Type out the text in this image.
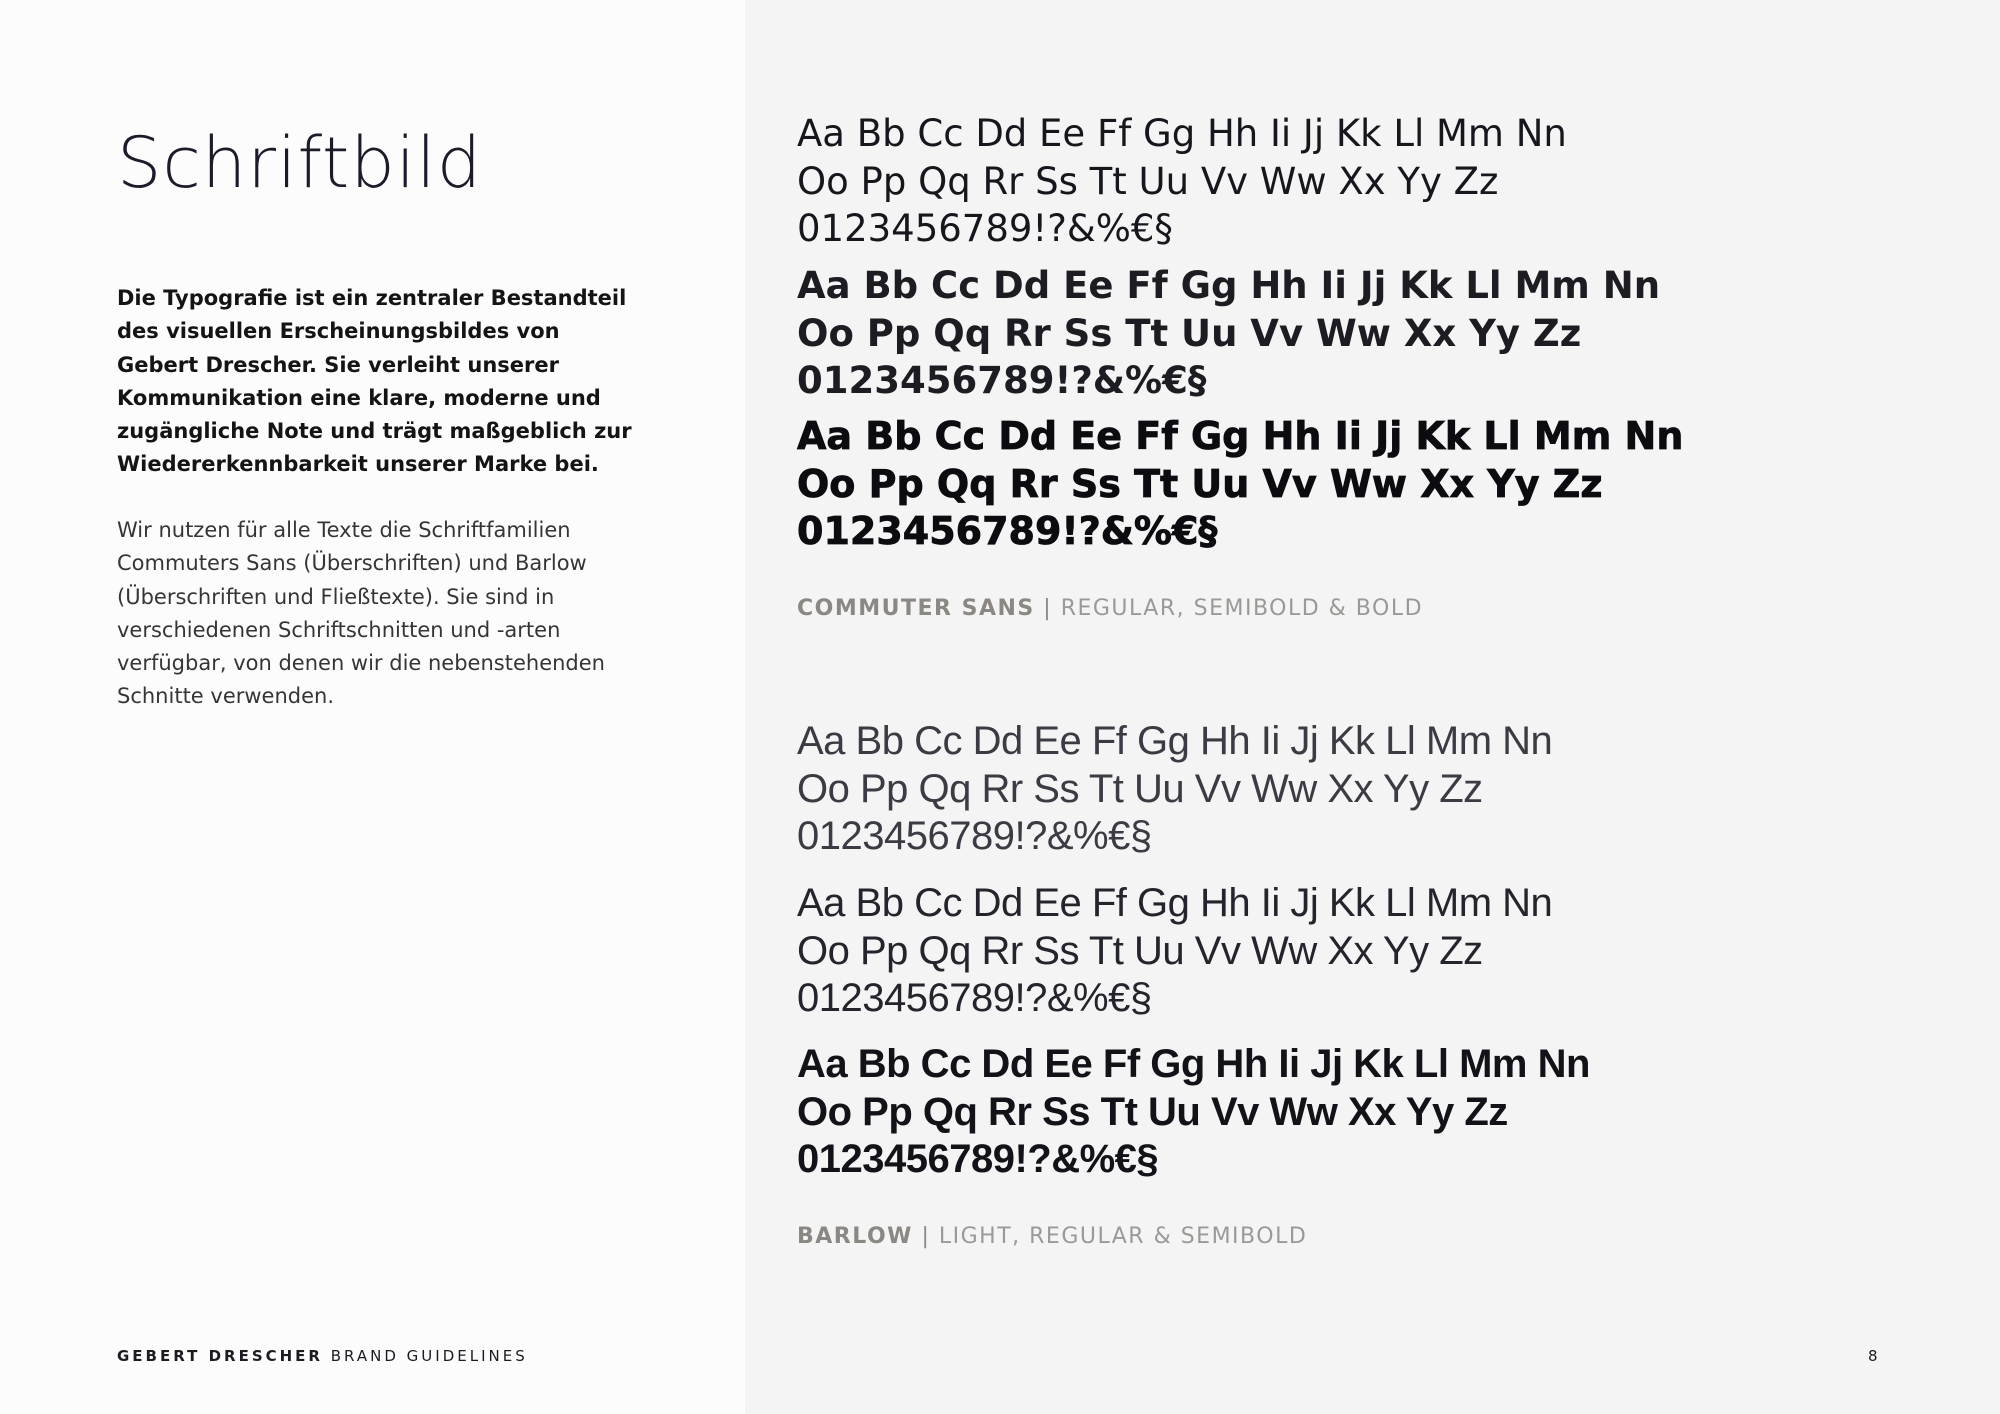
Schriftbild

Die Typografie ist ein zentraler Bestandteil des visuellen Erscheinungsbildes von Gebert Drescher. Sie verleiht unserer Kommunikation eine klare, moderne und zugängliche Note und trägt maßgeblich zur Wiedererkennbarkeit unserer Marke bei.

Wir nutzen für alle Texte die Schriftfamilien Commuters Sans (Überschriften) und Barlow (Überschriften und Fließtexte). Sie sind in verschiedenen Schriftschnitten und -arten verfügbar, von denen wir die nebenstehenden Schnitte verwenden.

Aa Bb Cc Dd Ee Ff Gg Hh Ii Jj Kk Ll Mm Nn
Oo Pp Qq Rr Ss Tt Uu Vv Ww Xx Yy Zz
0123456789!?&%€§
Aa Bb Cc Dd Ee Ff Gg Hh Ii Jj Kk Ll Mm Nn
Oo Pp Qq Rr Ss Tt Uu Vv Ww Xx Yy Zz
0123456789!?&%€§
Aa Bb Cc Dd Ee Ff Gg Hh Ii Jj Kk Ll Mm Nn
Oo Pp Qq Rr Ss Tt Uu Vv Ww Xx Yy Zz
0123456789!?&%€§

COMMUTER SANS | REGULAR, SEMIBOLD & BOLD

Aa Bb Cc Dd Ee Ff Gg Hh Ii Jj Kk Ll Mm Nn
Oo Pp Qq Rr Ss Tt Uu Vv Ww Xx Yy Zz
0123456789!?&%€§
Aa Bb Cc Dd Ee Ff Gg Hh Ii Jj Kk Ll Mm Nn
Oo Pp Qq Rr Ss Tt Uu Vv Ww Xx Yy Zz
0123456789!?&%€§
Aa Bb Cc Dd Ee Ff Gg Hh Ii Jj Kk Ll Mm Nn
Oo Pp Qq Rr Ss Tt Uu Vv Ww Xx Yy Zz
0123456789!?&%€§

BARLOW | LIGHT, REGULAR & SEMIBOLD

GEBERT DRESCHER BRAND GUIDELINES	8
